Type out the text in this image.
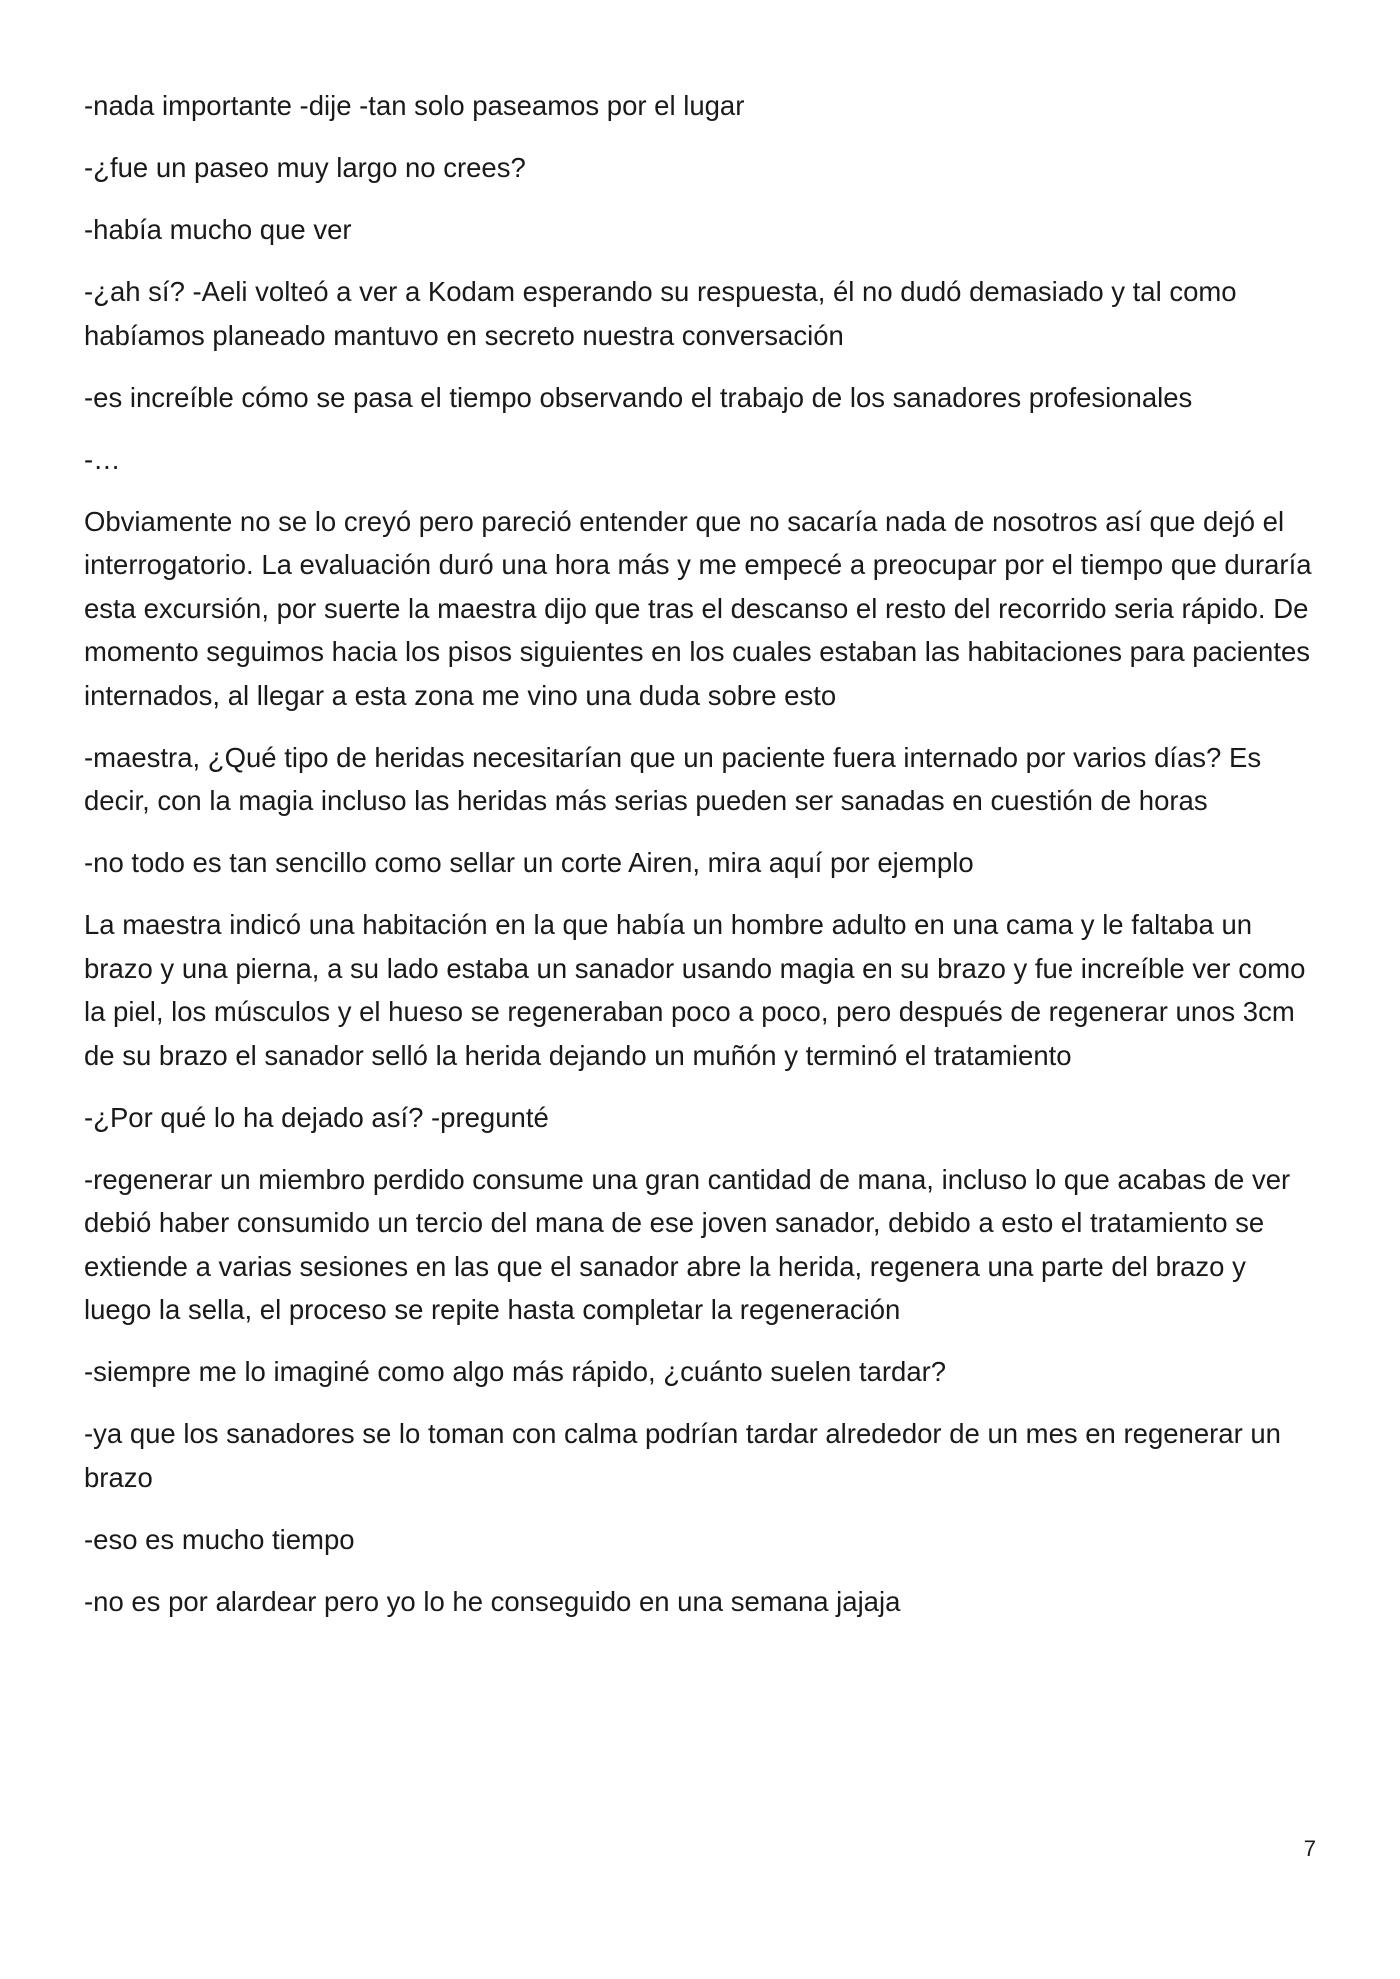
-nada importante -dije -tan solo paseamos por el lugar

-¿fue un paseo muy largo no crees?

-había mucho que ver

-¿ah sí? -Aeli volteó a ver a Kodam esperando su respuesta, él no dudó demasiado y tal como habíamos planeado mantuvo en secreto nuestra conversación

-es increíble cómo se pasa el tiempo observando el trabajo de los sanadores profesionales

-…

Obviamente no se lo creyó pero pareció entender que no sacaría nada de nosotros así que dejó el interrogatorio. La evaluación duró una hora más y me empecé a preocupar por el tiempo que duraría esta excursión, por suerte la maestra dijo que tras el descanso el resto del recorrido seria rápido. De momento seguimos hacia los pisos siguientes en los cuales estaban las habitaciones para pacientes internados, al llegar a esta zona me vino una duda sobre esto

-maestra, ¿Qué tipo de heridas necesitarían que un paciente fuera internado por varios días? Es decir, con la magia incluso las heridas más serias pueden ser sanadas en cuestión de horas

-no todo es tan sencillo como sellar un corte Airen, mira aquí por ejemplo

La maestra indicó una habitación en la que había un hombre adulto en una cama y le faltaba un brazo y una pierna, a su lado estaba un sanador usando magia en su brazo y fue increíble ver como la piel, los músculos y el hueso se regeneraban poco a poco, pero después de regenerar unos 3cm de su brazo el sanador selló la herida dejando un muñón y terminó el tratamiento

-¿Por qué lo ha dejado así? -pregunté

-regenerar un miembro perdido consume una gran cantidad de mana, incluso lo que acabas de ver debió haber consumido un tercio del mana de ese joven sanador, debido a esto el tratamiento se extiende a varias sesiones en las que el sanador abre la herida, regenera una parte del brazo y luego la sella, el proceso se repite hasta completar la regeneración

-siempre me lo imaginé como algo más rápido, ¿cuánto suelen tardar?

-ya que los sanadores se lo toman con calma podrían tardar alrededor de un mes en regenerar un brazo

-eso es mucho tiempo

-no es por alardear pero yo lo he conseguido en una semana jajaja

7
